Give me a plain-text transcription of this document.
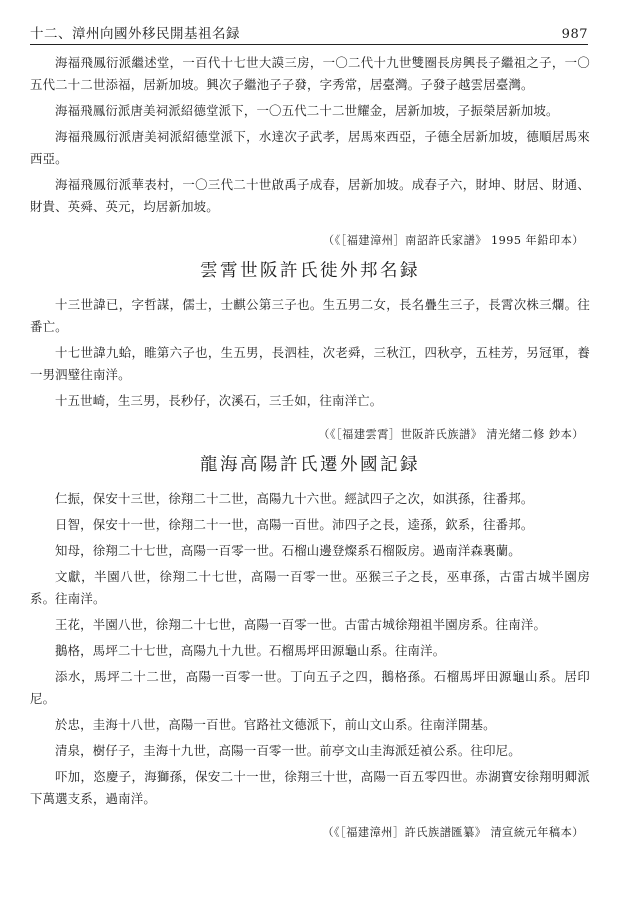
十二、漳州向國外移民開基祖名録	987

海福飛鳳衍派繼述堂，一百代十七世大謨三房，一〇二代十九世雙圈長房興長子繼祖之子，一〇五代二十二世添福，居新加坡。興次子繼池子子發，字秀常，居臺灣。子發子越雲居臺灣。

海福飛鳳衍派唐美祠派紹德堂派下，一〇五代二十二世耀金，居新加坡，子振榮居新加坡。

海福飛鳳衍派唐美祠派紹德堂派下，水達次子武孝，居馬來西亞，子德全居新加坡，德順居馬來西亞。

海福飛鳳衍派華表村，一〇三代二十世啟禹子成春，居新加坡。成春子六，財坤、財居、財通、財貴、英舜、英元，均居新加坡。

（《［福建漳州］南詔許氏家譜》 1995 年鉛印本）
雲霄世阪許氏徙外邦名録

十三世諱已，字哲謀，儒士，士麒公第三子也。生五男二女，長名疊生三子，長霄次株三爛。往番亡。

十七世諱九蛤，睢第六子也，生五男，長泗桂，次老舜，三秋江，四秋亭，五桂芳，另冠軍，養一男泗璧往南洋。

十五世崎，生三男，長秒仔，次溪石，三壬如，往南洋亡。

（《［福建雲霄］世阪許氏族譜》 清光緒二修 鈔本）
龍海高陽許氏遷外國記録

仁振，保安十三世，徐翔二十二世，高陽九十六世。經試四子之次，如淇孫，往番邦。

日智，保安十一世，徐翔二十一世，高陽一百世。沛四子之長，逵孫，欽系，往番邦。

知母，徐翔二十七世，高陽一百零一世。石榴山邊登燦系石榴阪房。過南洋森裏蘭。

文獻，半園八世，徐翔二十七世，高陽一百零一世。巫猴三子之長，巫車孫，古雷古城半園房系。往南洋。

王花，半園八世，徐翔二十七世，高陽一百零一世。古雷古城徐翔祖半園房系。往南洋。

鵝格，馬坪二十七世，高陽九十九世。石榴馬坪田源龜山系。往南洋。

添水，馬坪二十二世，高陽一百零一世。丁向五子之四，鵝格孫。石榴馬坪田源龜山系。居印尼。

於忠，圭海十八世，高陽一百世。官路社文德派下，前山文山系。往南洋開基。

清泉，樹仔子，圭海十九世，高陽一百零一世。前亭文山圭海派廷禎公系。往印尼。

吓加，恣慶子，海獅孫，保安二十一世，徐翔三十世，高陽一百五零四世。赤湖寶安徐翔明卿派下萬選支系，過南洋。

（《［福建漳州］許氏族譜匯纂》 清宣統元年稿本）
